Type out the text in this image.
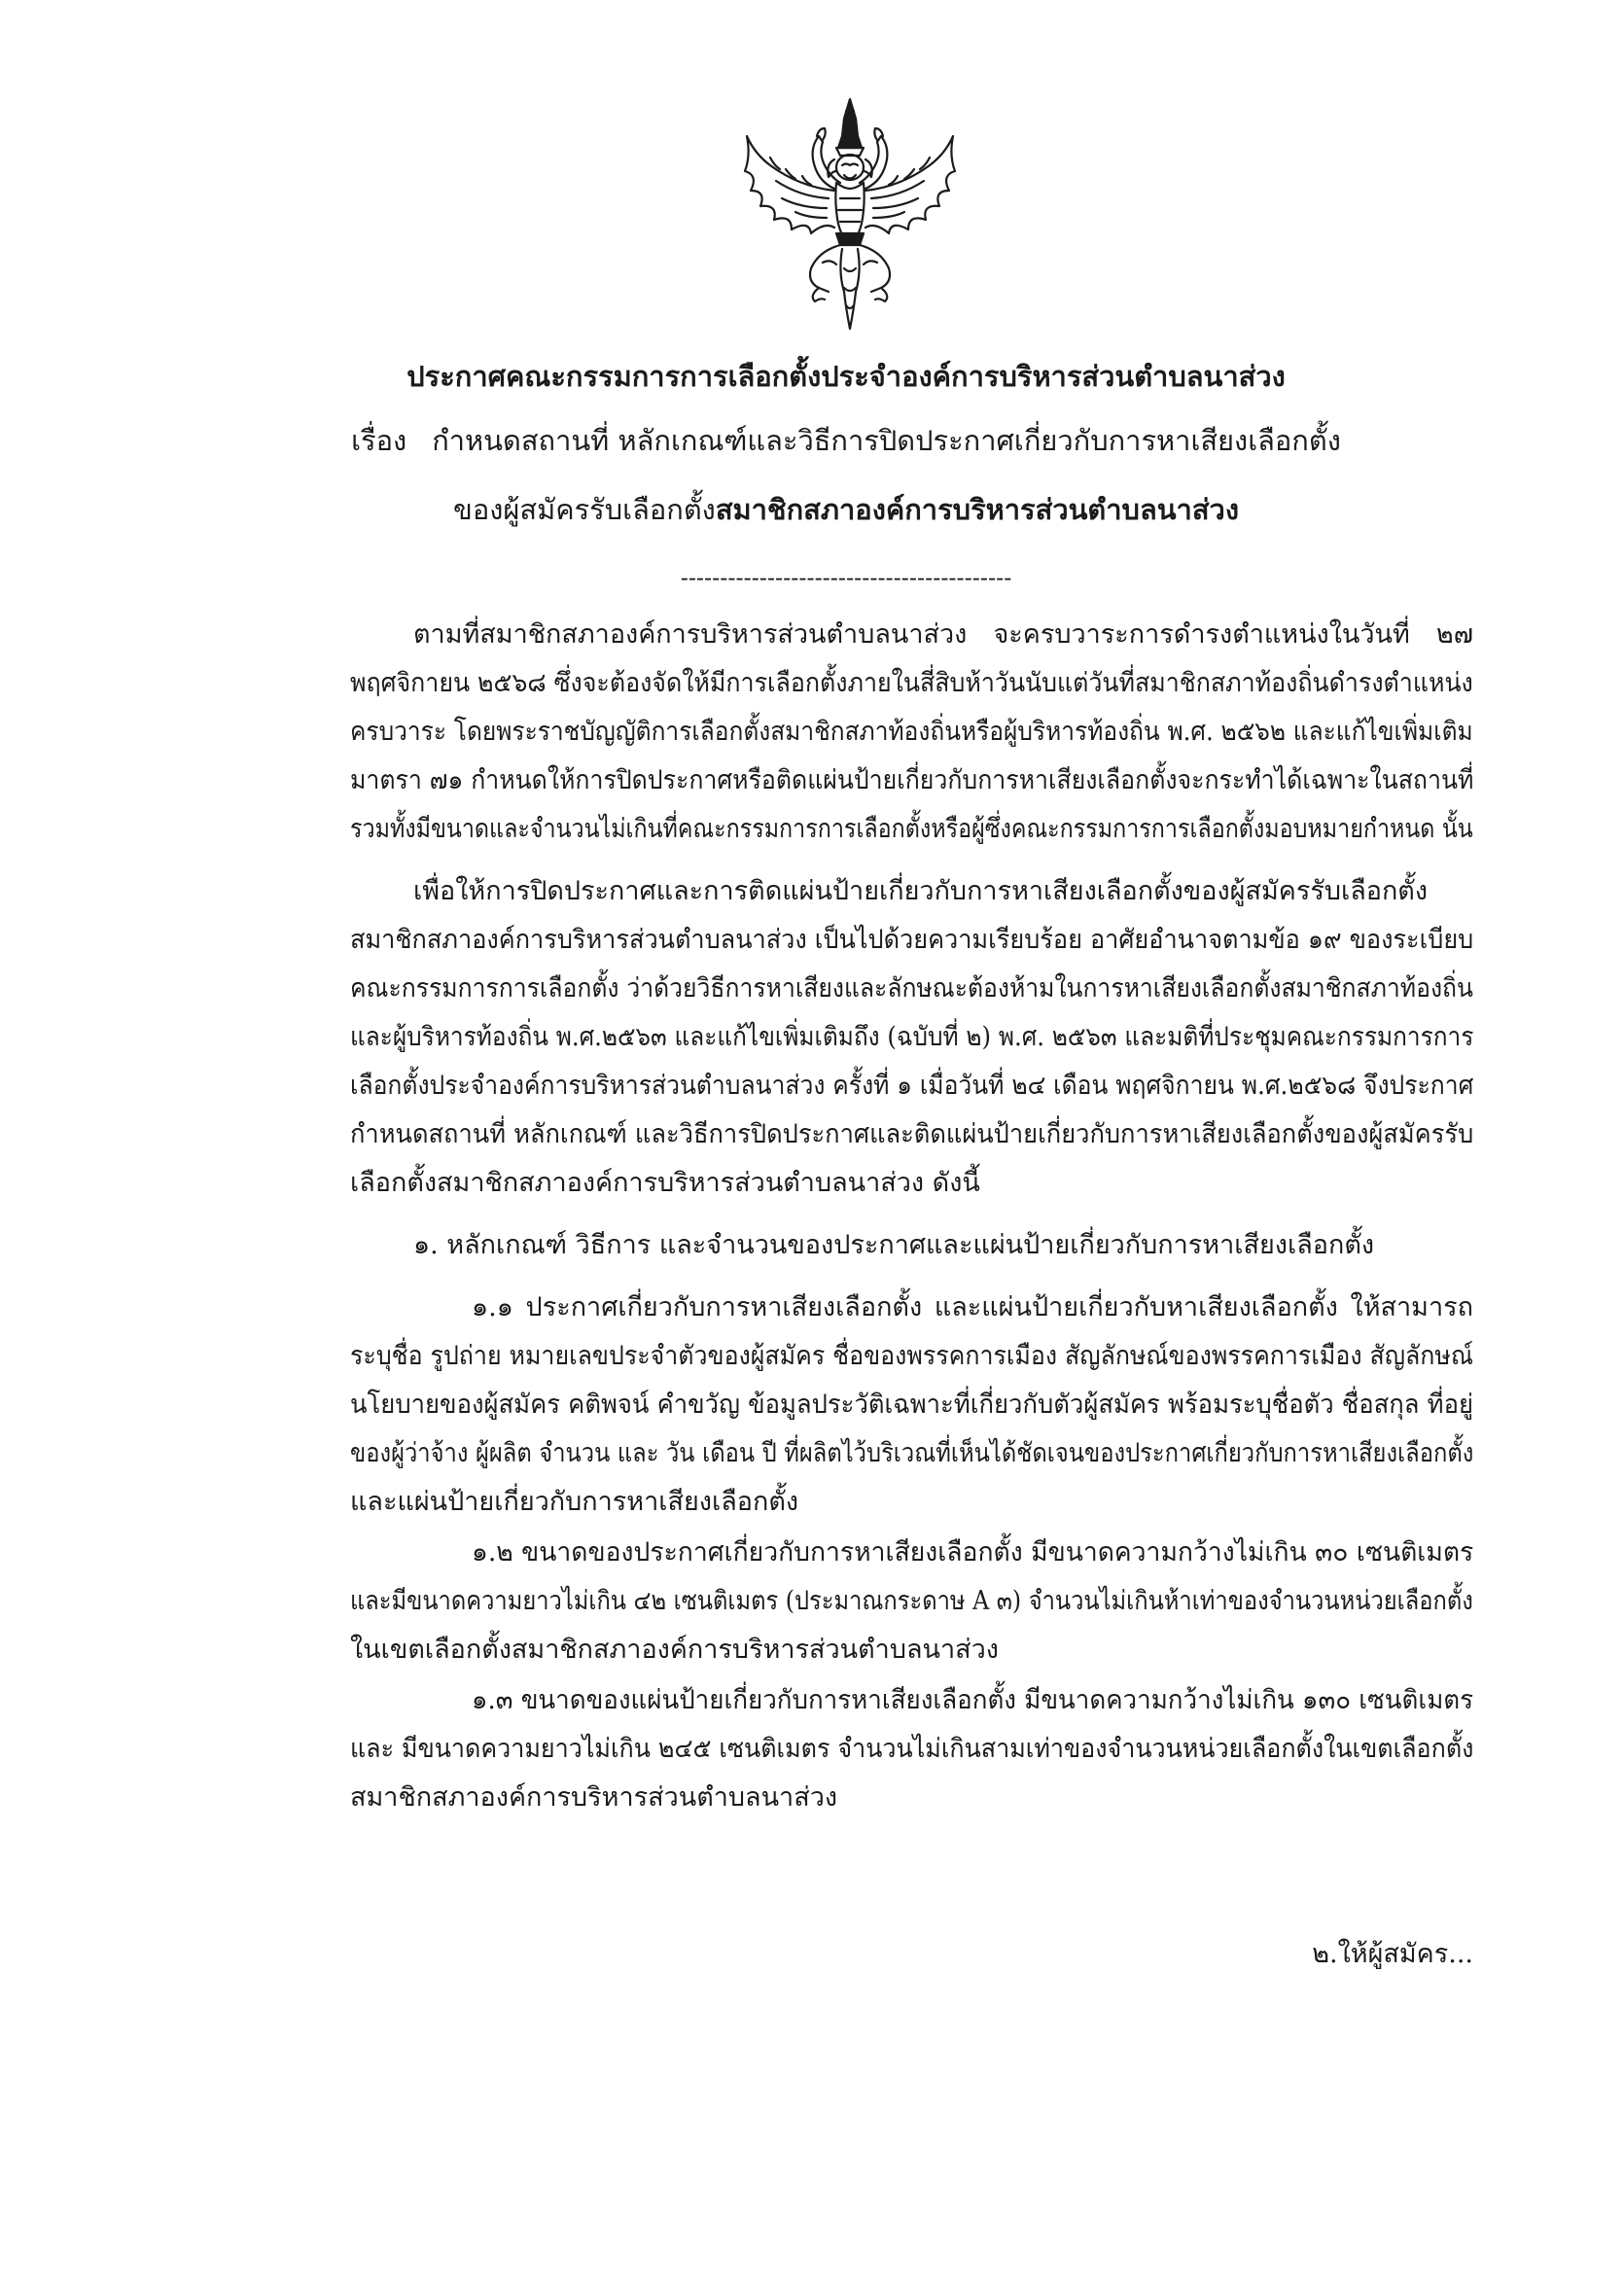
ประกาศคณะกรรมการการเลือกตั้งประจำองค์การบริหารส่วนตำบลนาส่วง
เรื่อง กำหนดสถานที่ หลักเกณฑ์และวิธีการปิดประกาศเกี่ยวกับการหาเสียงเลือกตั้ง
ของผู้สมัครรับเลือกตั้งสมาชิกสภาองค์การบริหารส่วนตำบลนาส่วง
------------------------------------------
ตามที่สมาชิกสภาองค์การบริหารส่วนตำบลนาส่วง จะครบวาระการดำรงตำแหน่งในวันที่ ๒๗
พฤศจิกายน ๒๕๖๘ ซึ่งจะต้องจัดให้มีการเลือกตั้งภายในสี่สิบห้าวันนับแต่วันที่สมาชิกสภาท้องถิ่นดำรงตำแหน่ง
ครบวาระ โดยพระราชบัญญัติการเลือกตั้งสมาชิกสภาท้องถิ่นหรือผู้บริหารท้องถิ่น พ.ศ. ๒๕๖๒ และแก้ไขเพิ่มเติม
มาตรา ๗๑ กำหนดให้การปิดประกาศหรือติดแผ่นป้ายเกี่ยวกับการหาเสียงเลือกตั้งจะกระทำได้เฉพาะในสถานที่
รวมทั้งมีขนาดและจำนวนไม่เกินที่คณะกรรมการการเลือกตั้งหรือผู้ซึ่งคณะกรรมการการเลือกตั้งมอบหมายกำหนด นั้น
เพื่อให้การปิดประกาศและการติดแผ่นป้ายเกี่ยวกับการหาเสียงเลือกตั้งของผู้สมัครรับเลือกตั้ง
สมาชิกสภาองค์การบริหารส่วนตำบลนาส่วง เป็นไปด้วยความเรียบร้อย อาศัยอำนาจตามข้อ ๑๙ ของระเบียบ
คณะกรรมการการเลือกตั้ง ว่าด้วยวิธีการหาเสียงและลักษณะต้องห้ามในการหาเสียงเลือกตั้งสมาชิกสภาท้องถิ่น
และผู้บริหารท้องถิ่น พ.ศ.๒๕๖๓ และแก้ไขเพิ่มเติมถึง (ฉบับที่ ๒) พ.ศ. ๒๕๖๓ และมติที่ประชุมคณะกรรมการการ
เลือกตั้งประจำองค์การบริหารส่วนตำบลนาส่วง ครั้งที่ ๑ เมื่อวันที่ ๒๔ เดือน พฤศจิกายน พ.ศ.๒๕๖๘ จึงประกาศ
กำหนดสถานที่ หลักเกณฑ์ และวิธีการปิดประกาศและติดแผ่นป้ายเกี่ยวกับการหาเสียงเลือกตั้งของผู้สมัครรับ
เลือกตั้งสมาชิกสภาองค์การบริหารส่วนตำบลนาส่วง ดังนี้
๑. หลักเกณฑ์ วิธีการ และจำนวนของประกาศและแผ่นป้ายเกี่ยวกับการหาเสียงเลือกตั้ง
๑.๑ ประกาศเกี่ยวกับการหาเสียงเลือกตั้ง และแผ่นป้ายเกี่ยวกับหาเสียงเลือกตั้ง ให้สามารถ
ระบุชื่อ รูปถ่าย หมายเลขประจำตัวของผู้สมัคร ชื่อของพรรคการเมือง สัญลักษณ์ของพรรคการเมือง สัญลักษณ์
นโยบายของผู้สมัคร คติพจน์ คำขวัญ ข้อมูลประวัติเฉพาะที่เกี่ยวกับตัวผู้สมัคร พร้อมระบุชื่อตัว ชื่อสกุล ที่อยู่
ของผู้ว่าจ้าง ผู้ผลิต จำนวน และ วัน เดือน ปี ที่ผลิตไว้บริเวณที่เห็นได้ชัดเจนของประกาศเกี่ยวกับการหาเสียงเลือกตั้ง
และแผ่นป้ายเกี่ยวกับการหาเสียงเลือกตั้ง
๑.๒ ขนาดของประกาศเกี่ยวกับการหาเสียงเลือกตั้ง มีขนาดความกว้างไม่เกิน ๓๐ เซนติเมตร
และมีขนาดความยาวไม่เกิน ๔๒ เซนติเมตร (ประมาณกระดาษ A ๓) จำนวนไม่เกินห้าเท่าของจำนวนหน่วยเลือกตั้ง
ในเขตเลือกตั้งสมาชิกสภาองค์การบริหารส่วนตำบลนาส่วง
๑.๓ ขนาดของแผ่นป้ายเกี่ยวกับการหาเสียงเลือกตั้ง มีขนาดความกว้างไม่เกิน ๑๓๐ เซนติเมตร
และ มีขนาดความยาวไม่เกิน ๒๔๕ เซนติเมตร จำนวนไม่เกินสามเท่าของจำนวนหน่วยเลือกตั้งในเขตเลือกตั้ง
สมาชิกสภาองค์การบริหารส่วนตำบลนาส่วง
๒.ให้ผู้สมัคร...
